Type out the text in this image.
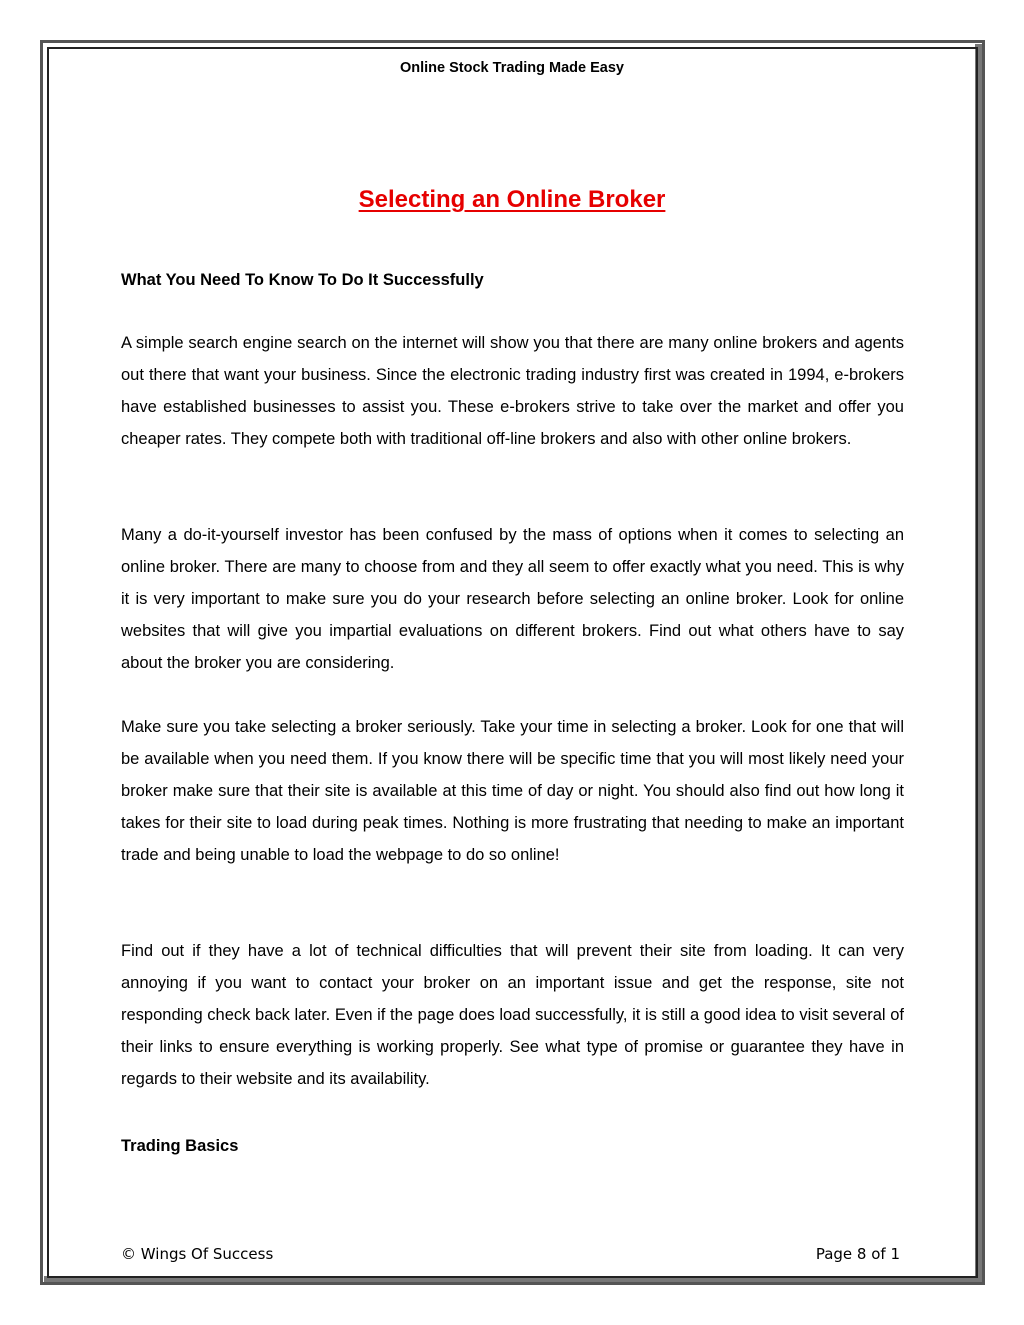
Online Stock Trading Made Easy
Selecting an Online Broker
What You Need To Know To Do It Successfully

A simple search engine search on the internet will show you that there are many online brokers and agents out there that want your business. Since the electronic trading industry first was created in 1994, e-brokers have established businesses to assist you. These e-brokers strive to take over the market and offer you cheaper rates. They compete both with traditional off-line brokers and also with other online brokers.

Many a do-it-yourself investor has been confused by the mass of options when it comes to selecting an online broker. There are many to choose from and they all seem to offer exactly what you need. This is why it is very important to make sure you do your research before selecting an online broker. Look for online websites that will give you impartial evaluations on different brokers. Find out what others have to say about the broker you are considering.

Make sure you take selecting a broker seriously. Take your time in selecting a broker. Look for one that will be available when you need them. If you know there will be specific time that you will most likely need your broker make sure that their site is available at this time of day or night. You should also find out how long it takes for their site to load during peak times. Nothing is more frustrating that needing to make an important trade and being unable to load the webpage to do so online!

Find out if they have a lot of technical difficulties that will prevent their site from loading. It can very annoying if you want to contact your broker on an important issue and get the response, site not responding check back later. Even if the page does load successfully, it is still a good idea to visit several of their links to ensure everything is working properly. See what type of promise or guarantee they have in regards to their website and its availability.

Trading Basics
© Wings Of Success	Page 8 of 1
